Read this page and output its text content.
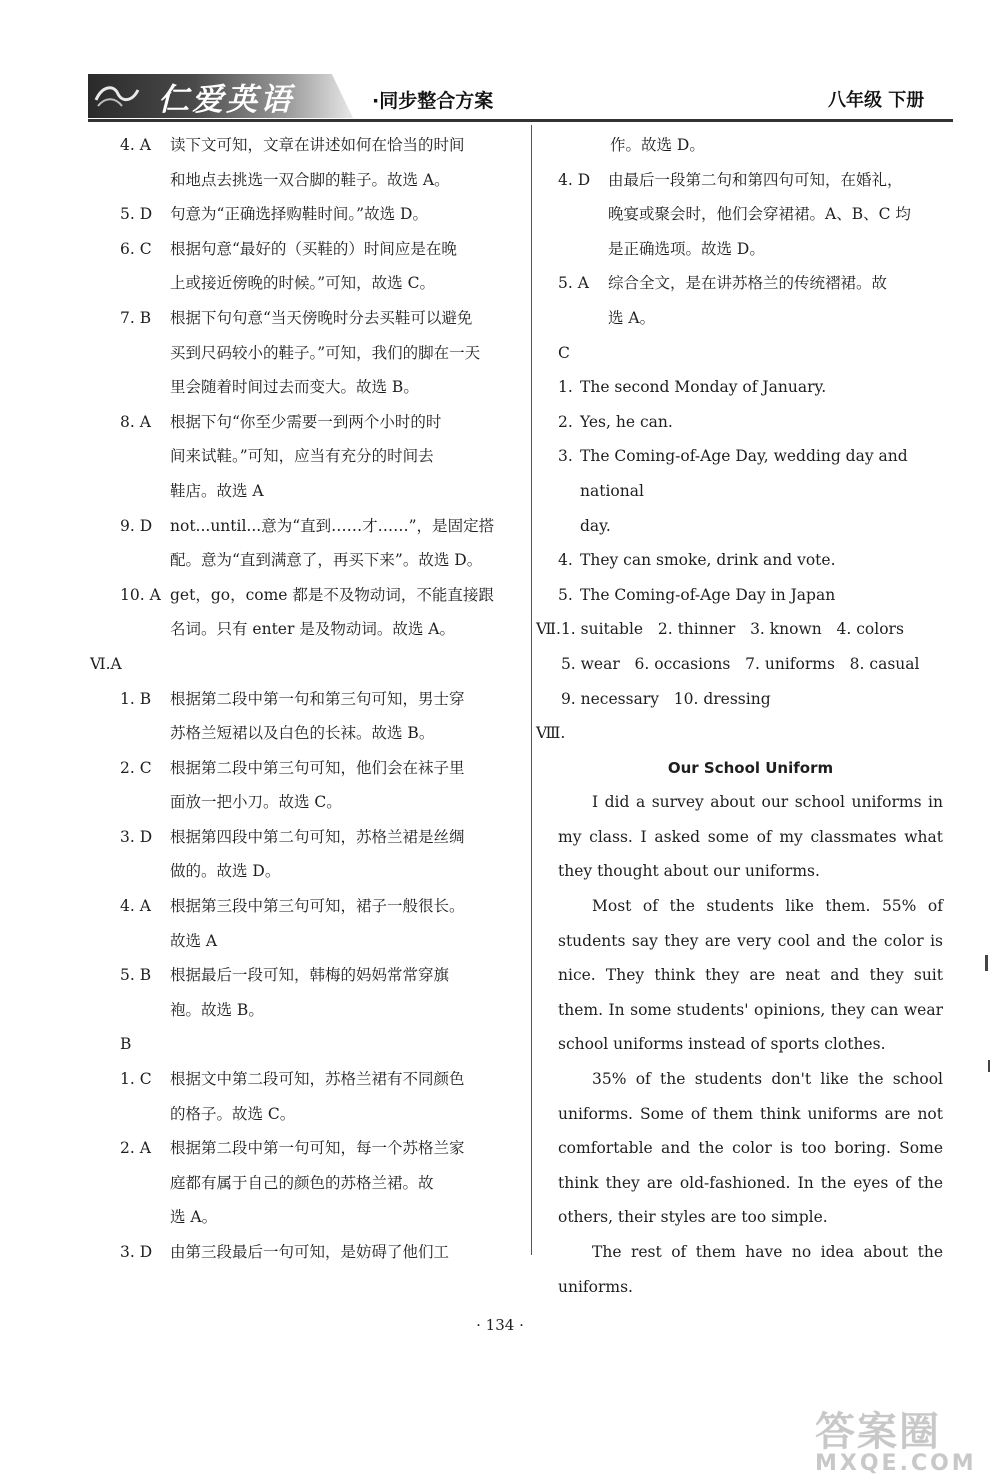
仁爱英语	·同步整合方案	八年级 下册
4. A	读下文可知，文章在讲述如何在恰当的时间
和地点去挑选一双合脚的鞋子。故选 A。
5. D	句意为“正确选择购鞋时间。”故选 D。
6. C	根据句意“最好的（买鞋的）时间应是在晚
上或接近傍晚的时候。”可知，故选 C。
7. B	根据下句句意“当天傍晚时分去买鞋可以避免
买到尺码较小的鞋子。”可知，我们的脚在一天
里会随着时间过去而变大。故选 B。
8. A	根据下句“你至少需要一到两个小时的时
间来试鞋。”可知，应当有充分的时间去
鞋店。故选 A
9. D	not...until...意为“直到……才……”，是固定搭
配。意为“直到满意了，再买下来”。故选 D。
10. A get，go，come 都是不及物动词，不能直接跟
名词。只有 enter 是及物动词。故选 A。
Ⅵ.A
1. B	根据第二段中第一句和第三句可知，男士穿
苏格兰短裙以及白色的长袜。故选 B。
2. C	根据第二段中第三句可知，他们会在袜子里
面放一把小刀。故选 C。
3. D	根据第四段中第二句可知，苏格兰裙是丝绸
做的。故选 D。
4. A	根据第三段中第三句可知，裙子一般很长。
故选 A
5. B	根据最后一段可知，韩梅的妈妈常常穿旗
袍。故选 B。
B
1. C	根据文中第二段可知，苏格兰裙有不同颜色
的格子。故选 C。
2. A	根据第二段中第一句可知，每一个苏格兰家
庭都有属于自己的颜色的苏格兰裙。故
选 A。
3. D	由第三段最后一句可知，是妨碍了他们工
作。故选 D。
4. D	由最后一段第二句和第四句可知，在婚礼，
晚宴或聚会时，他们会穿裙裙。A、B、C 均
是正确选项。故选 D。
5. A	综合全文，是在讲苏格兰的传统褶裙。故
选 A。
C
1. The second Monday of January.
2. Yes, he can.
3. The Coming-of-Age Day, wedding day and national
day.
4. They can smoke, drink and vote.
5. The Coming-of-Age Day in Japan
Ⅶ. 1. suitable   2. thinner   3. known   4. colors
5. wear   6. occasions   7. uniforms   8. casual
9. necessary   10. dressing
Ⅷ.
Our School Uniform
I did a survey about our school uniforms in my class. I asked some of my classmates what they thought about our uniforms.
Most of the students like them. 55% of students say they are very cool and the color is nice. They think they are neat and they suit them. In some students' opinions, they can wear school uniforms instead of sports clothes.
35% of the students don't like the school uniforms. Some of them think uniforms are not comfortable and the color is too boring. Some think they are old-fashioned. In the eyes of the others, their styles are too simple.
The rest of them have no idea about the uniforms.
· 134 ·
答案圈
MXQE.COM
